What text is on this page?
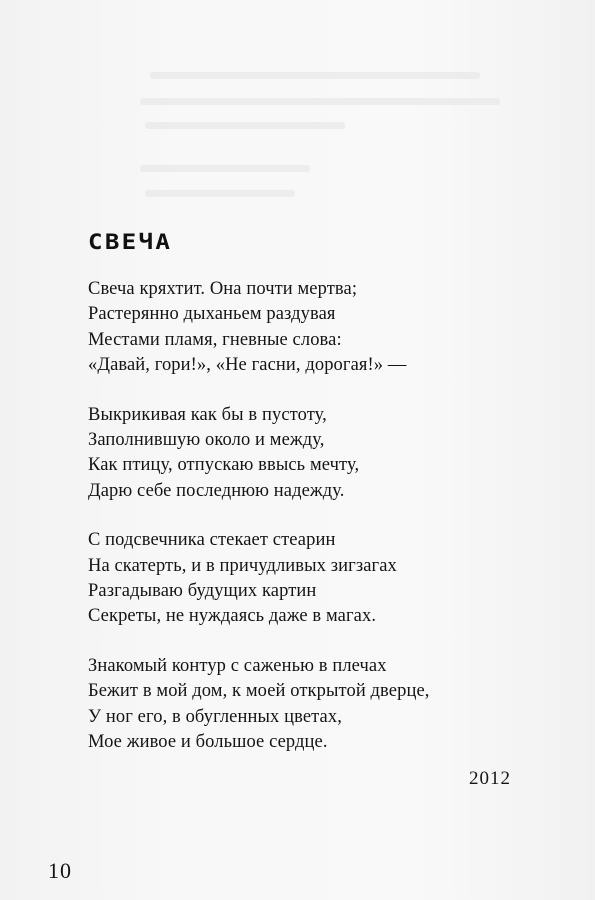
СВЕЧА
Свеча кряхтит. Она почти мертва;
Растерянно дыханьем раздувая
Местами пламя, гневные слова:
«Давай, гори!», «Не гасни, дорогая!» —
Выкрикивая как бы в пустоту,
Заполнившую около и между,
Как птицу, отпускаю ввысь мечту,
Дарю себе последнюю надежду.
С подсвечника стекает стеарин
На скатерть, и в причудливых зигзагах
Разгадываю будущих картин
Секреты, не нуждаясь даже в магах.
Знакомый контур с саженью в плечах
Бежит в мой дом, к моей открытой дверце,
У ног его, в обугленных цветах,
Мое живое и большое сердце.
2012
10
